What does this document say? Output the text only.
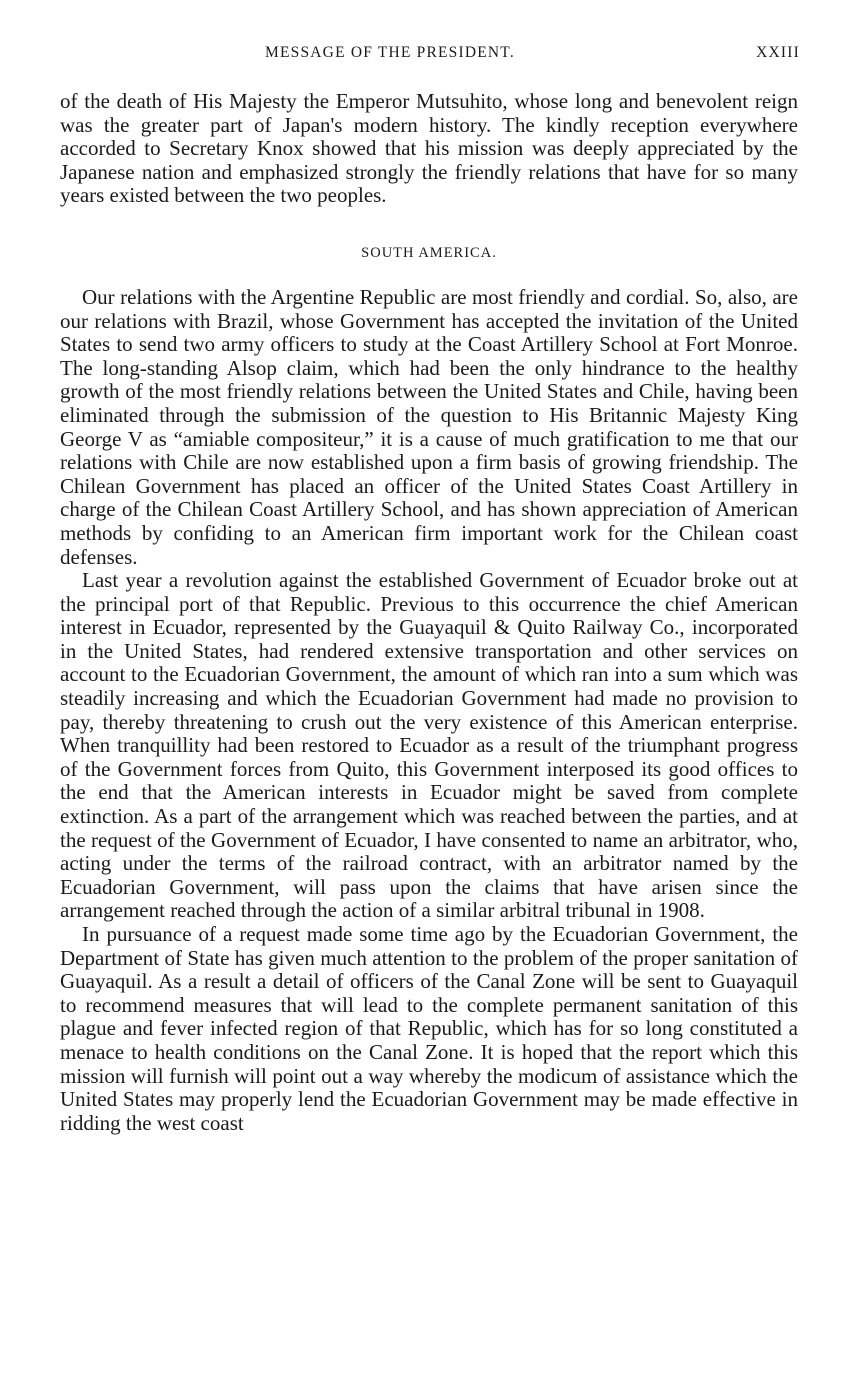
MESSAGE OF THE PRESIDENT.	XXIII

of the death of His Majesty the Emperor Mutsuhito, whose long and benevolent reign was the greater part of Japan's modern history. The kindly reception everywhere accorded to Secretary Knox showed that his mission was deeply appreciated by the Japanese nation and emphasized strongly the friendly relations that have for so many years existed between the two peoples.

SOUTH AMERICA.

Our relations with the Argentine Republic are most friendly and cordial. So, also, are our relations with Brazil, whose Government has accepted the invitation of the United States to send two army officers to study at the Coast Artillery School at Fort Monroe. The long-standing Alsop claim, which had been the only hindrance to the healthy growth of the most friendly relations between the United States and Chile, having been eliminated through the submission of the question to His Britannic Majesty King George V as “amiable compositeur,” it is a cause of much gratification to me that our relations with Chile are now established upon a firm basis of growing friendship. The Chilean Government has placed an officer of the United States Coast Artillery in charge of the Chilean Coast Artillery School, and has shown appreciation of American methods by confiding to an American firm important work for the Chilean coast defenses.

Last year a revolution against the established Government of Ecuador broke out at the principal port of that Republic. Previous to this occurrence the chief American interest in Ecuador, represented by the Guayaquil & Quito Railway Co., incorporated in the United States, had rendered extensive transportation and other services on account to the Ecuadorian Government, the amount of which ran into a sum which was steadily increasing and which the Ecuadorian Government had made no provision to pay, thereby threatening to crush out the very existence of this American enterprise. When tranquillity had been restored to Ecuador as a result of the triumphant progress of the Government forces from Quito, this Government interposed its good offices to the end that the American interests in Ecuador might be saved from complete extinction. As a part of the arrangement which was reached between the parties, and at the request of the Government of Ecuador, I have consented to name an arbitrator, who, acting under the terms of the railroad contract, with an arbitrator named by the Ecuadorian Government, will pass upon the claims that have arisen since the arrangement reached through the action of a similar arbitral tribunal in 1908.

In pursuance of a request made some time ago by the Ecuadorian Government, the Department of State has given much attention to the problem of the proper sanitation of Guayaquil. As a result a detail of officers of the Canal Zone will be sent to Guayaquil to recommend measures that will lead to the complete permanent sanitation of this plague and fever infected region of that Republic, which has for so long constituted a menace to health conditions on the Canal Zone. It is hoped that the report which this mission will furnish will point out a way whereby the modicum of assistance which the United States may properly lend the Ecuadorian Government may be made effective in ridding the west coast
